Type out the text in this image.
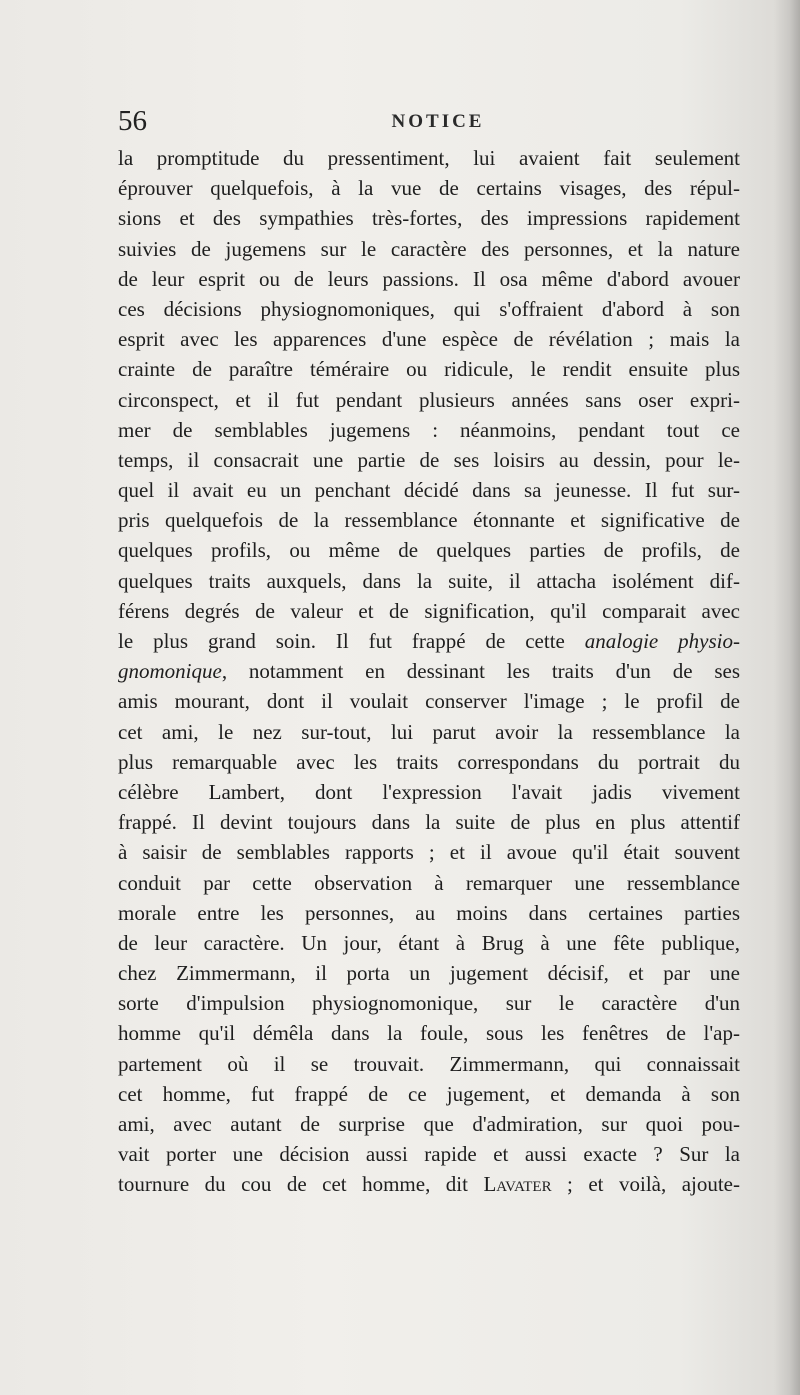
56	NOTICE
la promptitude du pressentiment, lui avaient fait seulement
éprouver quelquefois, à la vue de certains visages, des répul-
sions et des sympathies très-fortes, des impressions rapidement
suivies de jugemens sur le caractère des personnes, et la nature
de leur esprit ou de leurs passions. Il osa même d'abord avouer
ces décisions physiognomoniques, qui s'offraient d'abord à son
esprit avec les apparences d'une espèce de révélation ; mais la
crainte de paraître téméraire ou ridicule, le rendit ensuite plus
circonspect, et il fut pendant plusieurs années sans oser expri-
mer de semblables jugemens : néanmoins, pendant tout ce
temps, il consacrait une partie de ses loisirs au dessin, pour le-
quel il avait eu un penchant décidé dans sa jeunesse. Il fut sur-
pris quelquefois de la ressemblance étonnante et significative de
quelques profils, ou même de quelques parties de profils, de
quelques traits auxquels, dans la suite, il attacha isolément dif-
férens degrés de valeur et de signification, qu'il comparait avec
le plus grand soin. Il fut frappé de cette analogie physio-
gnomonique, notamment en dessinant les traits d'un de ses
amis mourant, dont il voulait conserver l'image ; le profil de
cet ami, le nez sur-tout, lui parut avoir la ressemblance la
plus remarquable avec les traits correspondans du portrait du
célèbre Lambert, dont l'expression l'avait jadis vivement
frappé. Il devint toujours dans la suite de plus en plus attentif
à saisir de semblables rapports ; et il avoue qu'il était souvent
conduit par cette observation à remarquer une ressemblance
morale entre les personnes, au moins dans certaines parties
de leur caractère. Un jour, étant à Brug à une fête publique,
chez Zimmermann, il porta un jugement décisif, et par une
sorte d'impulsion physiognomonique, sur le caractère d'un
homme qu'il démêla dans la foule, sous les fenêtres de l'ap-
partement où il se trouvait. Zimmermann, qui connaissait
cet homme, fut frappé de ce jugement, et demanda à son
ami, avec autant de surprise que d'admiration, sur quoi pou-
vait porter une décision aussi rapide et aussi exacte ? Sur la
tournure du cou de cet homme, dit Lavater ; et voilà, ajoute-
